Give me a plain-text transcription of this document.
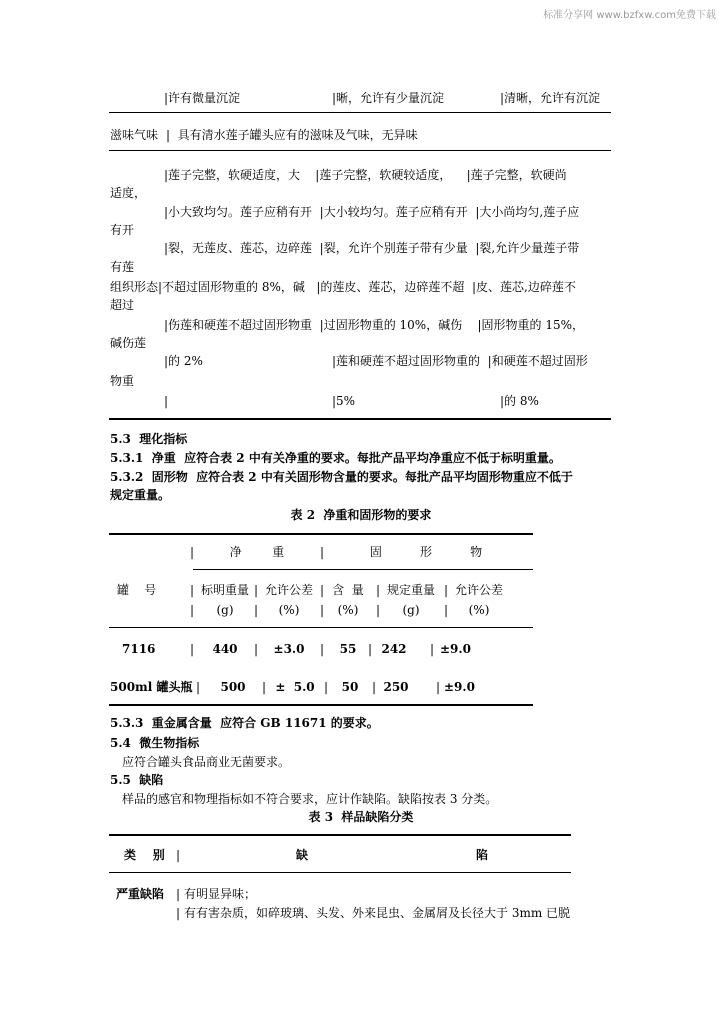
标准分享网 www.bzfxw.com免费下载
|许有微量沉淀	|晰，允许有少量沉淀	|清晰，允许有沉淀
滋味气味 |  具有清水莲子罐头应有的滋味及气味，无异味
|莲子完整，软硬适度，大    |莲子完整，软硬较适度，    |莲子完整，软硬尚
适度，
|小大致均匀。莲子应稍有开  |大小较均匀。莲子应稍有开  |大小尚均匀,莲子应
有开
|裂，无莲皮、莲芯，边碎莲  |裂，允许个别莲子带有少量  |裂,允许少量莲子带
有莲
组织形态|不超过固形物重的 8%，碱   |的莲皮、莲芯，边碎莲不超  |皮、莲芯,边碎莲不
超过
|伤莲和硬莲不超过固形物重  |过固形物重的 10%，碱伤    |固形物重的 15%，
碱伤莲
|的 2%	|莲和硬莲不超过固形物重的  |和硬莲不超过固形
物重
|	|5%	|的 8%
5.3  理化指标
5.3.1  净重  应符合表 2 中有关净重的要求。每批产品平均净重应不低于标明重量。
5.3.2  固形物  应符合表 2 中有关固形物含量的要求。每批产品平均固形物重应不低于
规定重量。
表 2  净重和固形物的要求
|	净        重	|	固          形          物
罐    号	| 标明重量 | 允许公差 | 含  量	| 规定重量 | 允许公差
|	(g)	|	(%)	|	(%)	|	(g)	|	(%)
7116	|	440	|	±3.0	|	55 | 242	| ±9.0
500ml 罐头瓶 |	500	| ±  5.0 |	50	| 250	| ±9.0
5.3.3  重金属含量  应符合 GB 11671 的要求。
5.4  微生物指标
应符合罐头食品商业无菌要求。
5.5  缺陷
样品的感官和物理指标如不符合要求，应计作缺陷。缺陷按表 3 分类。
表 3  样品缺陷分类
类    别 |	缺	陷
严重缺陷 | 有明显异味；
| 有有害杂质，如碎玻璃、头发、外来昆虫、金属屑及长径大于 3mm 已脱
